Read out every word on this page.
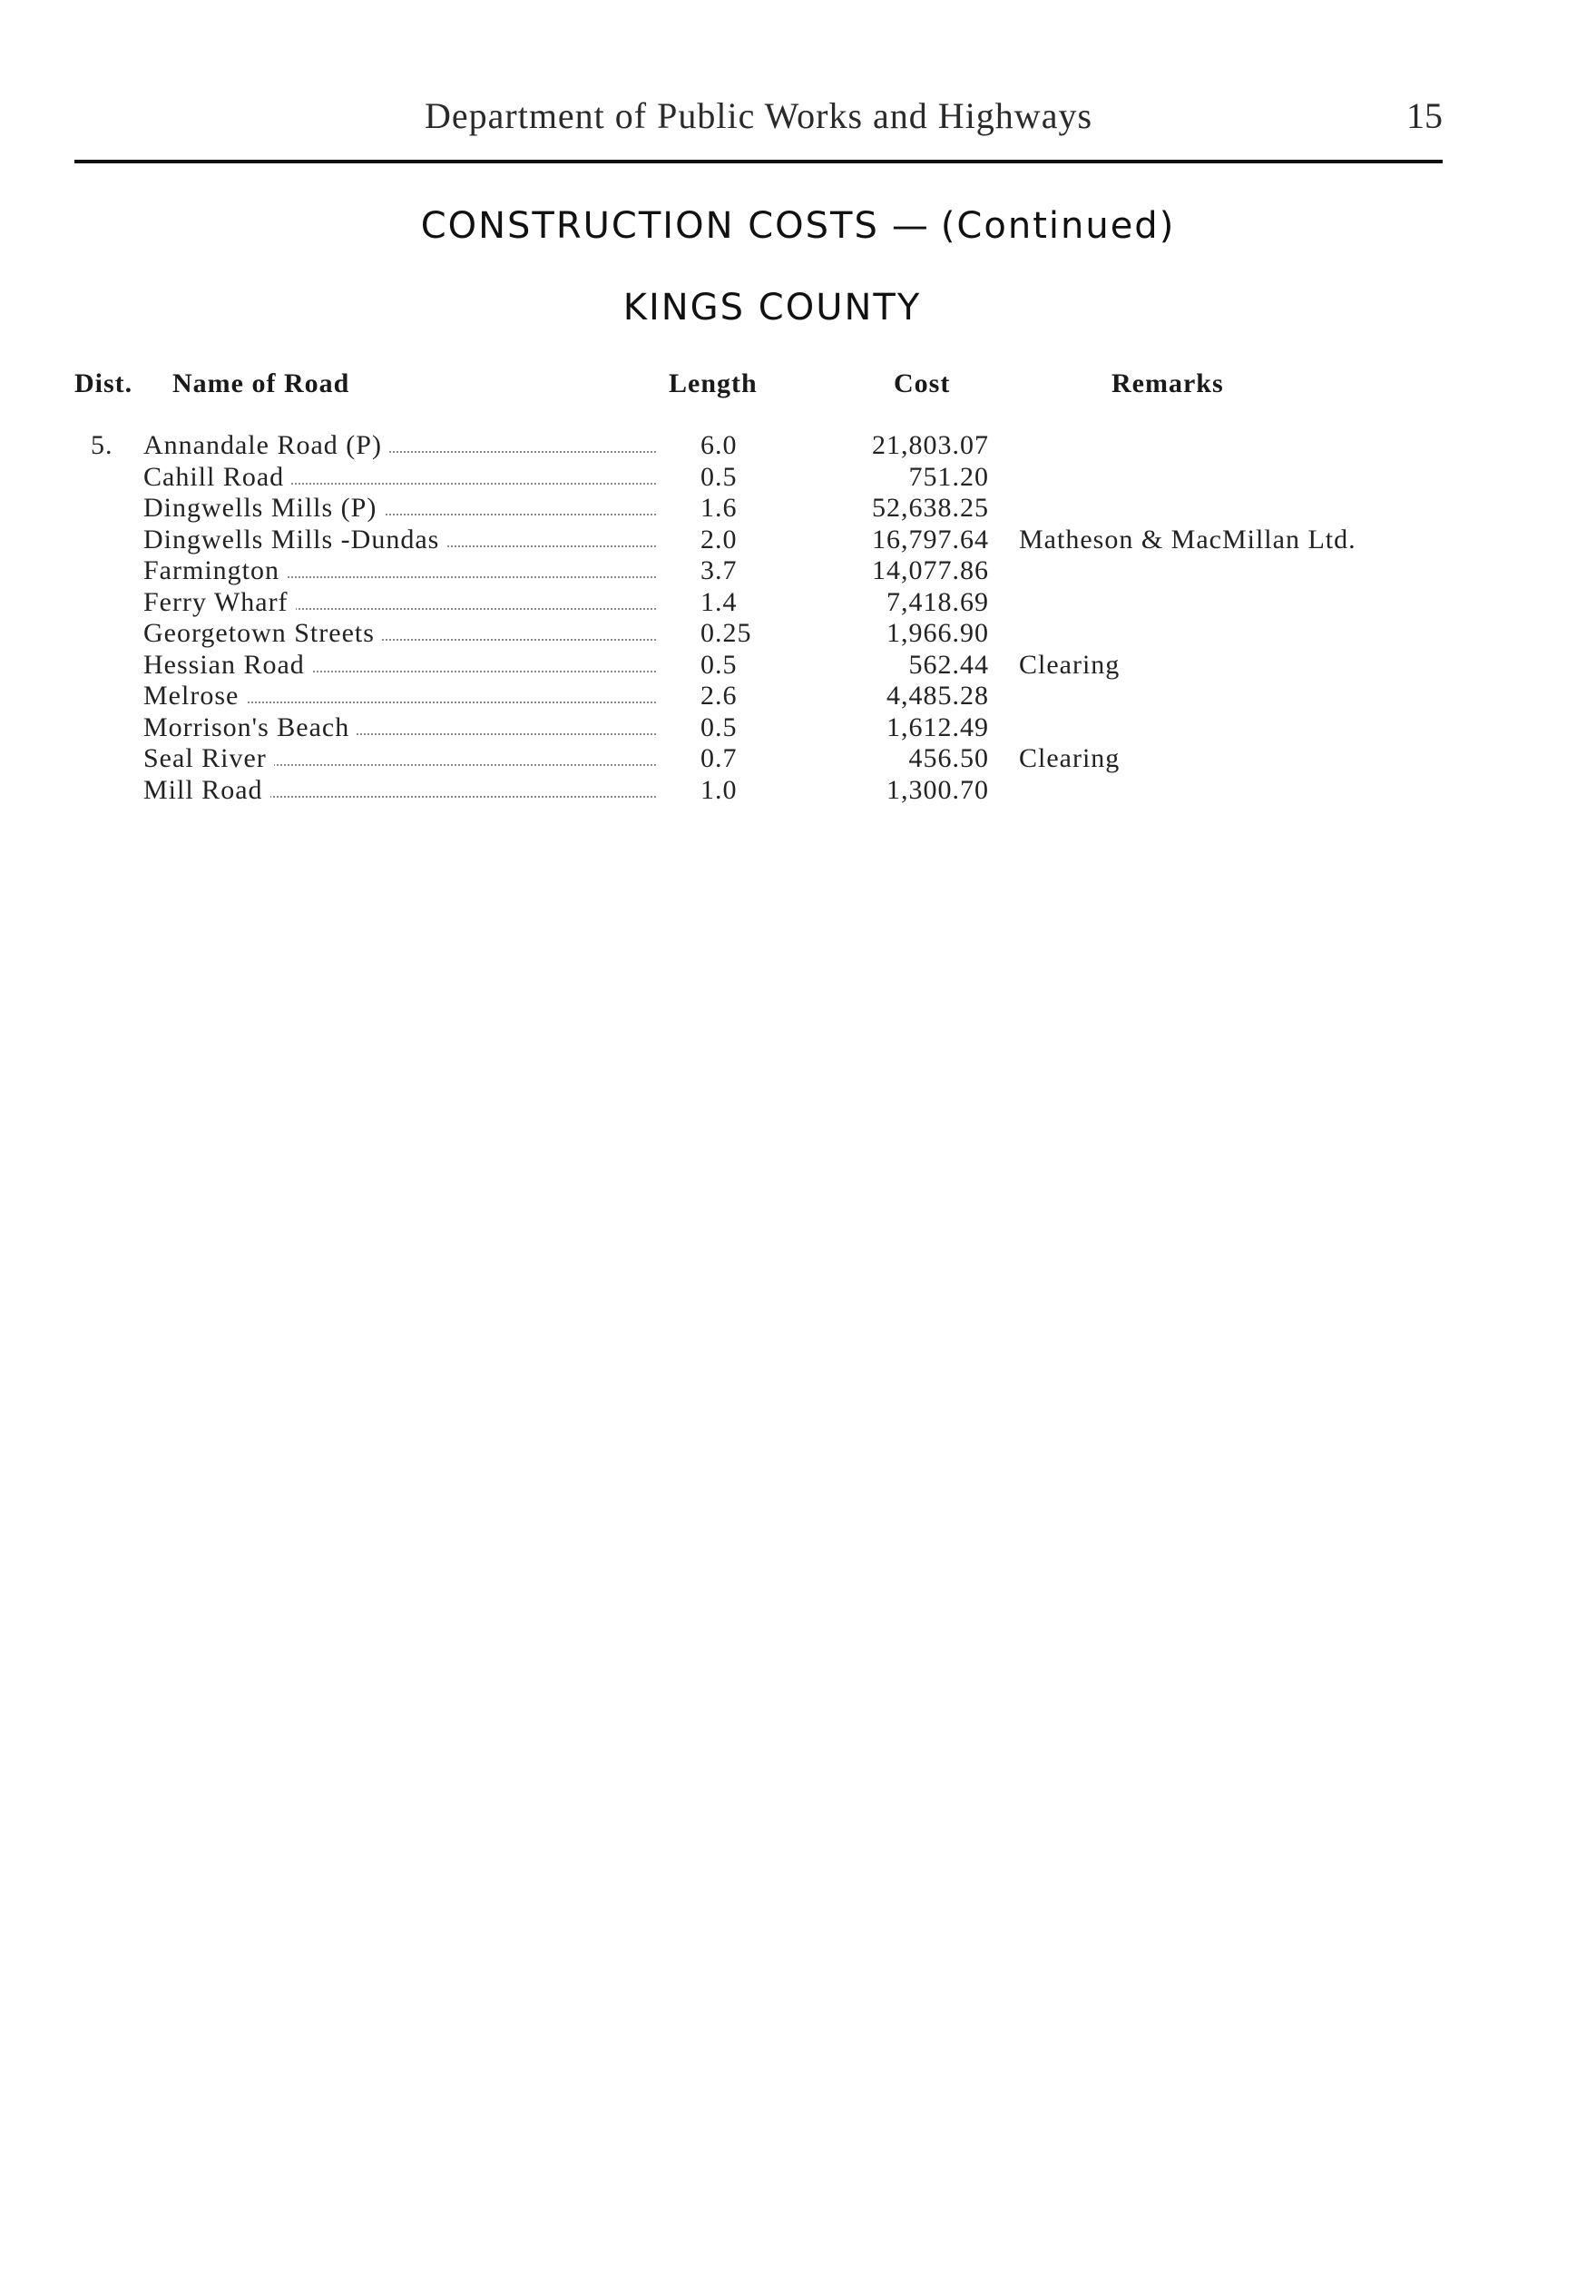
Department of Public Works and Highways	15
CONSTRUCTION COSTS — (Continued)
KINGS COUNTY
Dist. Name of Road	Length	Cost	Remarks
5. Annandale Road (P)	6.0	21,803.07
Cahill Road	0.5	751.20
Dingwells Mills (P)	1.6	52,638.25
Dingwells Mills -Dundas	2.0	16,797.64 Matheson & MacMillan Ltd.
Farmington	3.7	14,077.86
Ferry Wharf	1.4	7,418.69
Georgetown Streets	0.25	1,966.90
Hessian Road	0.5	562.44 Clearing
Melrose	2.6	4,485.28
Morrison's Beach	0.5	1,612.49
Seal River	0.7	456.50 Clearing
Mill Road	1.0	1,300.70
